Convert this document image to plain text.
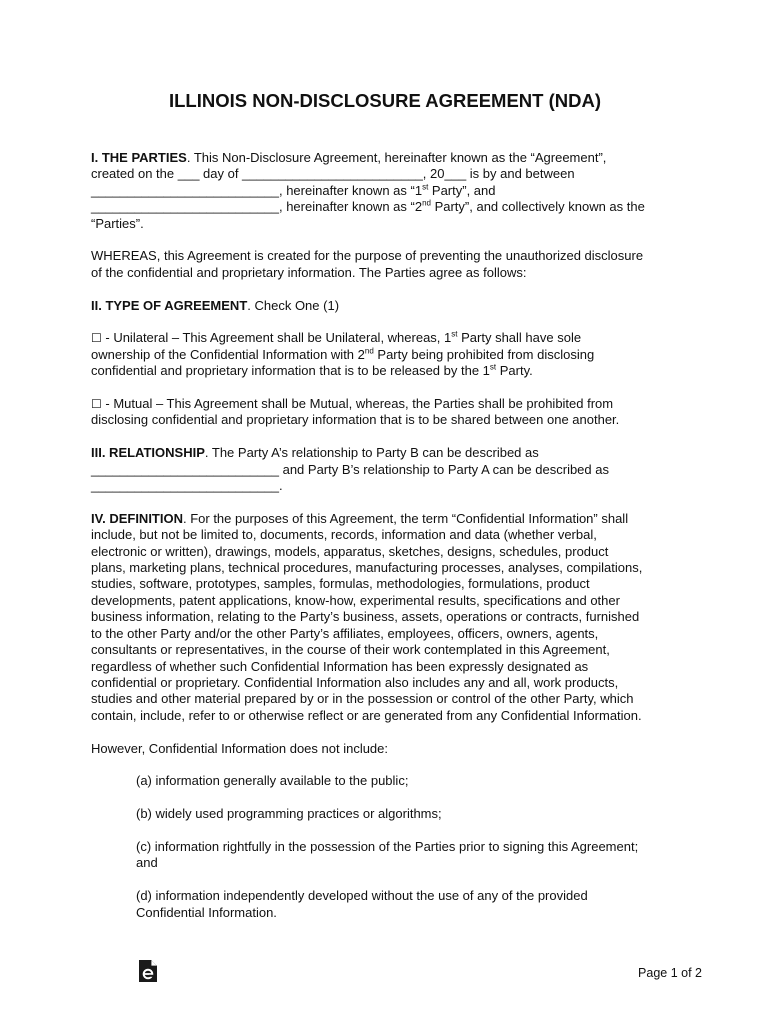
ILLINOIS NON-DISCLOSURE AGREEMENT (NDA)

I. THE PARTIES. This Non-Disclosure Agreement, hereinafter known as the “Agreement”,
created on the ___ day of _________________________, 20___ is by and between
__________________________, hereinafter known as “1st Party”, and
__________________________, hereinafter known as “2nd Party”, and collectively known as the
“Parties”.

WHEREAS, this Agreement is created for the purpose of preventing the unauthorized disclosure
of the confidential and proprietary information. The Parties agree as follows:

II. TYPE OF AGREEMENT. Check One (1)

☐ - Unilateral – This Agreement shall be Unilateral, whereas, 1st Party shall have sole
ownership of the Confidential Information with 2nd Party being prohibited from disclosing
confidential and proprietary information that is to be released by the 1st Party.

☐ - Mutual – This Agreement shall be Mutual, whereas, the Parties shall be prohibited from
disclosing confidential and proprietary information that is to be shared between one another.

III. RELATIONSHIP. The Party A’s relationship to Party B can be described as
__________________________ and Party B’s relationship to Party A can be described as
__________________________.

IV. DEFINITION. For the purposes of this Agreement, the term “Confidential Information” shall
include, but not be limited to, documents, records, information and data (whether verbal,
electronic or written), drawings, models, apparatus, sketches, designs, schedules, product
plans, marketing plans, technical procedures, manufacturing processes, analyses, compilations,
studies, software, prototypes, samples, formulas, methodologies, formulations, product
developments, patent applications, know-how, experimental results, specifications and other
business information, relating to the Party’s business, assets, operations or contracts, furnished
to the other Party and/or the other Party’s affiliates, employees, officers, owners, agents,
consultants or representatives, in the course of their work contemplated in this Agreement,
regardless of whether such Confidential Information has been expressly designated as
confidential or proprietary. Confidential Information also includes any and all, work products,
studies and other material prepared by or in the possession or control of the other Party, which
contain, include, refer to or otherwise reflect or are generated from any Confidential Information.

However, Confidential Information does not include:

(a) information generally available to the public;

(b) widely used programming practices or algorithms;

(c) information rightfully in the possession of the Parties prior to signing this Agreement;
and

(d) information independently developed without the use of any of the provided
Confidential Information.

Page 1 of 2
